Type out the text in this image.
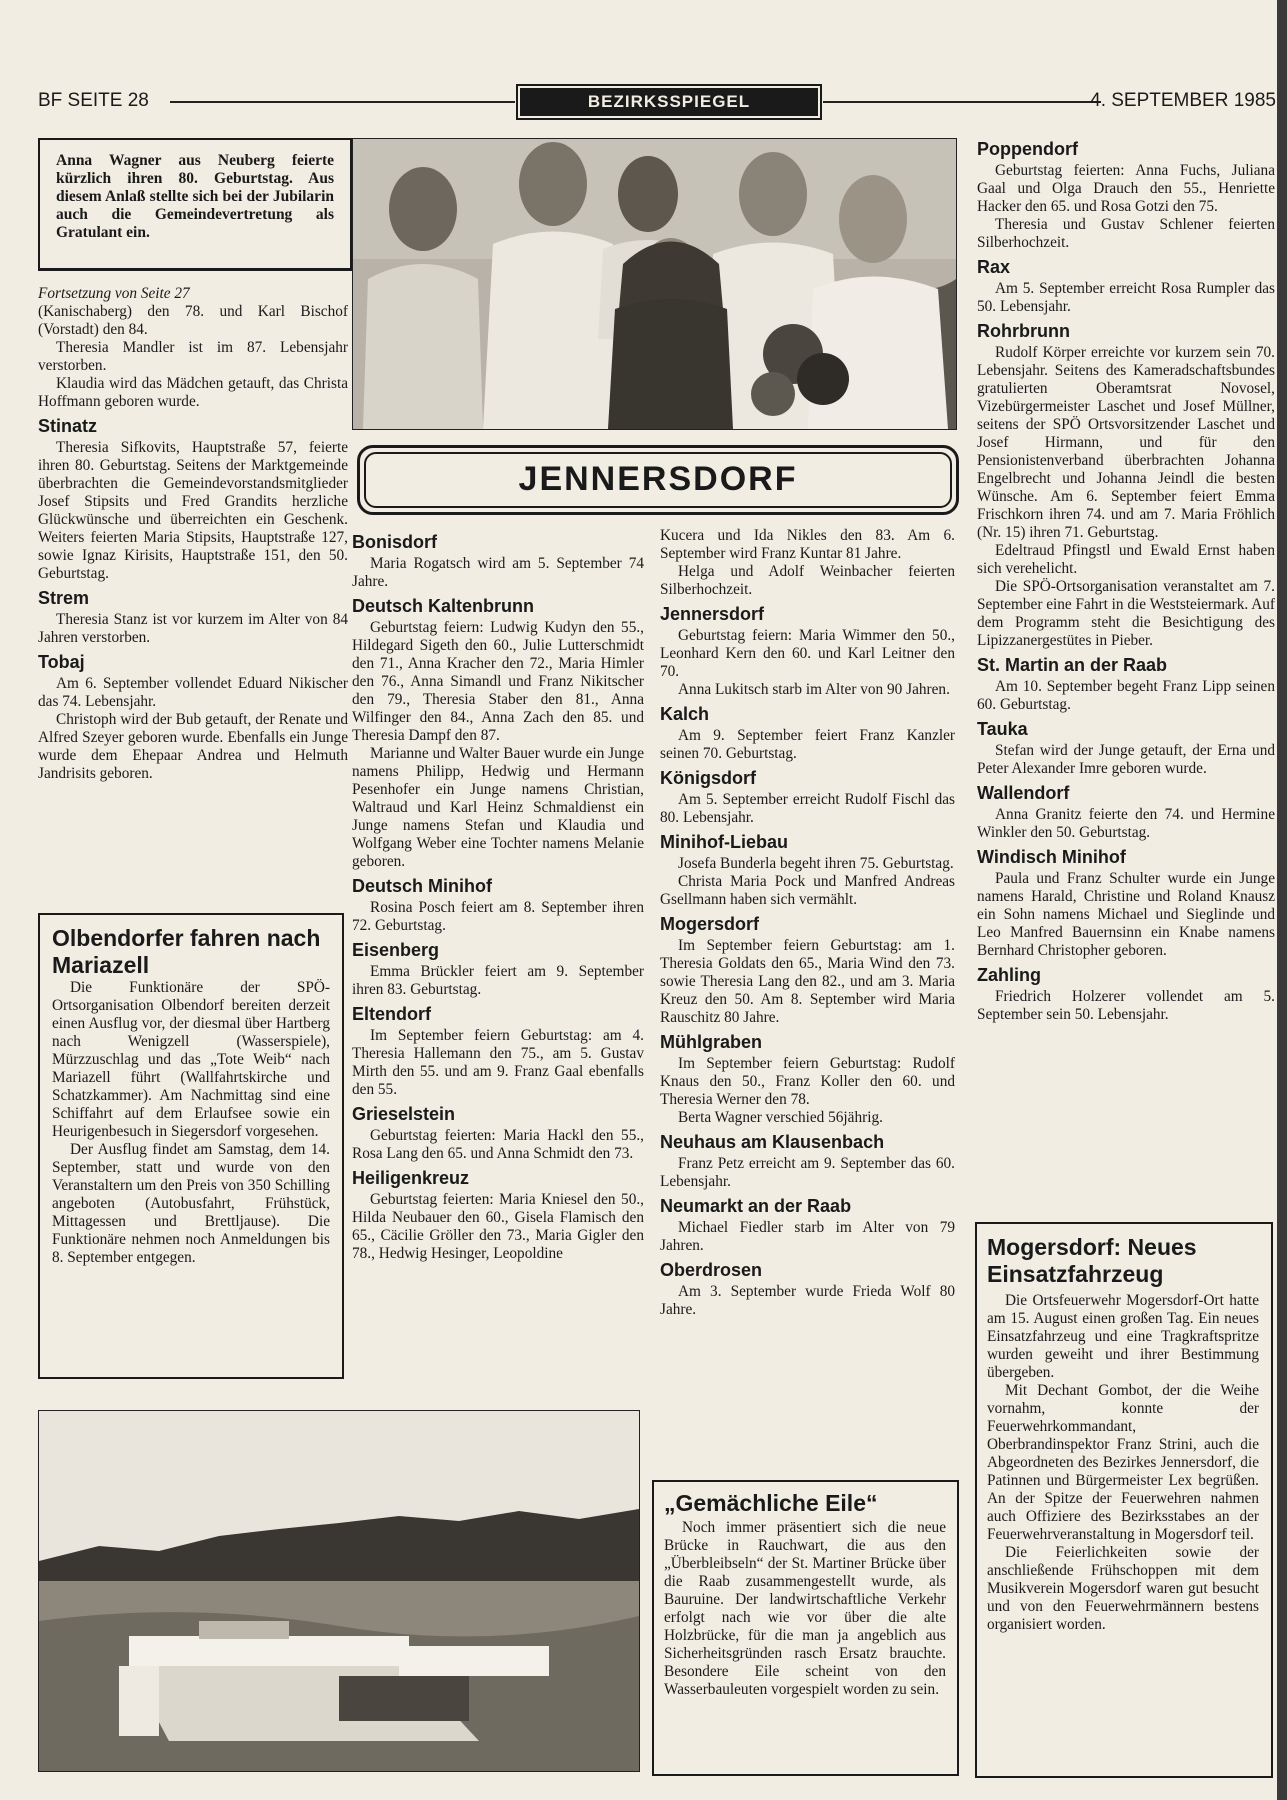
BF SEITE 28	BEZIRKSSPIEGEL	4. SEPTEMBER 1985
Anna Wagner aus Neuberg feierte kürzlich ihren 80. Geburtstag. Aus diesem Anlaß stellte sich bei der Jubilarin auch die Gemeindevertretung als Gratulant ein.

Fortsetzung von Seite 27

(Kanischaberg) den 78. und Karl Bischof (Vorstadt) den 84.

Theresia Mandler ist im 87. Lebensjahr verstorben.

Klaudia wird das Mädchen getauft, das Christa Hoffmann geboren wurde.

Stinatz

Theresia Sifkovits, Hauptstraße 57, feierte ihren 80. Geburtstag. Seitens der Marktgemeinde überbrachten die Gemeindevorstandsmitglieder Josef Stipsits und Fred Grandits herzliche Glückwünsche und überreichten ein Geschenk. Weiters feierten Maria Stipsits, Hauptstraße 127, sowie Ignaz Kirisits, Hauptstraße 151, den 50. Geburtstag.

Strem

Theresia Stanz ist vor kurzem im Alter von 84 Jahren verstorben.

Tobaj

Am 6. September vollendet Eduard Nikischer das 74. Lebensjahr.

Christoph wird der Bub getauft, der Renate und Alfred Szeyer geboren wurde. Ebenfalls ein Junge wurde dem Ehepaar Andrea und Helmuth Jandrisits geboren.

Olbendorfer fahren nach Mariazell

Die Funktionäre der SPÖ-Ortsorganisation Olbendorf bereiten derzeit einen Ausflug vor, der diesmal über Hartberg nach Wenigzell (Wasserspiele), Mürzzuschlag und das „Tote Weib“ nach Mariazell führt (Wallfahrtskirche und Schatzkammer). Am Nachmittag sind eine Schiffahrt auf dem Erlaufsee sowie ein Heurigenbesuch in Siegersdorf vorgesehen.

Der Ausflug findet am Samstag, dem 14. September, statt und wurde von den Veranstaltern um den Preis von 350 Schilling angeboten (Autobusfahrt, Frühstück, Mittagessen und Brettljause). Die Funktionäre nehmen noch Anmeldungen bis 8. September entgegen.

JENNERSDORF
Bonisdorf

Maria Rogatsch wird am 5. September 74 Jahre.

Deutsch Kaltenbrunn

Geburtstag feiern: Ludwig Kudyn den 55., Hildegard Sigeth den 60., Julie Lutterschmidt den 71., Anna Kracher den 72., Maria Himler den 76., Anna Simandl und Franz Nikitscher den 79., Theresia Staber den 81., Anna Wilfinger den 84., Anna Zach den 85. und Theresia Dampf den 87.

Marianne und Walter Bauer wurde ein Junge namens Philipp, Hedwig und Hermann Pesenhofer ein Junge namens Christian, Waltraud und Karl Heinz Schmaldienst ein Junge namens Stefan und Klaudia und Wolfgang Weber eine Tochter namens Melanie geboren.

Deutsch Minihof

Rosina Posch feiert am 8. September ihren 72. Geburtstag.

Eisenberg

Emma Brückler feiert am 9. September ihren 83. Geburtstag.

Eltendorf

Im September feiern Geburtstag: am 4. Theresia Hallemann den 75., am 5. Gustav Mirth den 55. und am 9. Franz Gaal ebenfalls den 55.

Grieselstein

Geburtstag feierten: Maria Hackl den 55., Rosa Lang den 65. und Anna Schmidt den 73.

Heiligenkreuz

Geburtstag feierten: Maria Kniesel den 50., Hilda Neubauer den 60., Gisela Flamisch den 65., Cäcilie Gröller den 73., Maria Gigler den 78., Hedwig Hesinger, Leopoldine

Kucera und Ida Nikles den 83. Am 6. September wird Franz Kuntar 81 Jahre.

Helga und Adolf Weinbacher feierten Silberhochzeit.

Jennersdorf

Geburtstag feiern: Maria Wimmer den 50., Leonhard Kern den 60. und Karl Leitner den 70.

Anna Lukitsch starb im Alter von 90 Jahren.

Kalch

Am 9. September feiert Franz Kanzler seinen 70. Geburtstag.

Königsdorf

Am 5. September erreicht Rudolf Fischl das 80. Lebensjahr.

Minihof-Liebau

Josefa Bunderla begeht ihren 75. Geburtstag.

Christa Maria Pock und Manfred Andreas Gsellmann haben sich vermählt.

Mogersdorf

Im September feiern Geburtstag: am 1. Theresia Goldats den 65., Maria Wind den 73. sowie Theresia Lang den 82., und am 3. Maria Kreuz den 50. Am 8. September wird Maria Rauschitz 80 Jahre.

Mühlgraben

Im September feiern Geburtstag: Rudolf Knaus den 50., Franz Koller den 60. und Theresia Werner den 78.

Berta Wagner verschied 56jährig.

Neuhaus am Klausenbach

Franz Petz erreicht am 9. September das 60. Lebensjahr.

Neumarkt an der Raab

Michael Fiedler starb im Alter von 79 Jahren.

Oberdrosen

Am 3. September wurde Frieda Wolf 80 Jahre.

„Gemächliche Eile“

Noch immer präsentiert sich die neue Brücke in Rauchwart, die aus den „Überbleibseln“ der St. Martiner Brücke über die Raab zusammengestellt wurde, als Bauruine. Der landwirtschaftliche Verkehr erfolgt nach wie vor über die alte Holzbrücke, für die man ja angeblich aus Sicherheitsgründen rasch Ersatz brauchte. Besondere Eile scheint von den Wasserbauleuten vorgespielt worden zu sein.

Poppendorf

Geburtstag feierten: Anna Fuchs, Juliana Gaal und Olga Drauch den 55., Henriette Hacker den 65. und Rosa Gotzi den 75.

Theresia und Gustav Schlener feierten Silberhochzeit.

Rax

Am 5. September erreicht Rosa Rumpler das 50. Lebensjahr.

Rohrbrunn

Rudolf Körper erreichte vor kurzem sein 70. Lebensjahr. Seitens des Kameradschaftsbundes gratulierten Oberamtsrat Novosel, Vizebürgermeister Laschet und Josef Müllner, seitens der SPÖ Ortsvorsitzender Laschet und Josef Hirmann, und für den Pensionistenverband überbrachten Johanna Engelbrecht und Johanna Jeindl die besten Wünsche. Am 6. September feiert Emma Frischkorn ihren 74. und am 7. Maria Fröhlich (Nr. 15) ihren 71. Geburtstag.

Edeltraud Pfingstl und Ewald Ernst haben sich verehelicht.

Die SPÖ-Ortsorganisation veranstaltet am 7. September eine Fahrt in die Weststeiermark. Auf dem Programm steht die Besichtigung des Lipizzanergestütes in Pieber.

St. Martin an der Raab

Am 10. September begeht Franz Lipp seinen 60. Geburtstag.

Tauka

Stefan wird der Junge getauft, der Erna und Peter Alexander Imre geboren wurde.

Wallendorf

Anna Granitz feierte den 74. und Hermine Winkler den 50. Geburtstag.

Windisch Minihof

Paula und Franz Schulter wurde ein Junge namens Harald, Christine und Roland Knausz ein Sohn namens Michael und Sieglinde und Leo Manfred Bauernsinn ein Knabe namens Bernhard Christopher geboren.

Zahling

Friedrich Holzerer vollendet am 5. September sein 50. Lebensjahr.

Mogersdorf: Neues Einsatzfahrzeug

Die Ortsfeuerwehr Mogersdorf-Ort hatte am 15. August einen großen Tag. Ein neues Einsatzfahrzeug und eine Tragkraftspritze wurden geweiht und ihrer Bestimmung übergeben.

Mit Dechant Gombot, der die Weihe vornahm, konnte der Feuerwehrkommandant, Oberbrandinspektor Franz Strini, auch die Abgeordneten des Bezirkes Jennersdorf, die Patinnen und Bürgermeister Lex begrüßen. An der Spitze der Feuerwehren nahmen auch Offiziere des Bezirksstabes an der Feuerwehrveranstaltung in Mogersdorf teil.

Die Feierlichkeiten sowie der anschließende Frühschoppen mit dem Musikverein Mogersdorf waren gut besucht und von den Feuerwehrmännern bestens organisiert worden.
